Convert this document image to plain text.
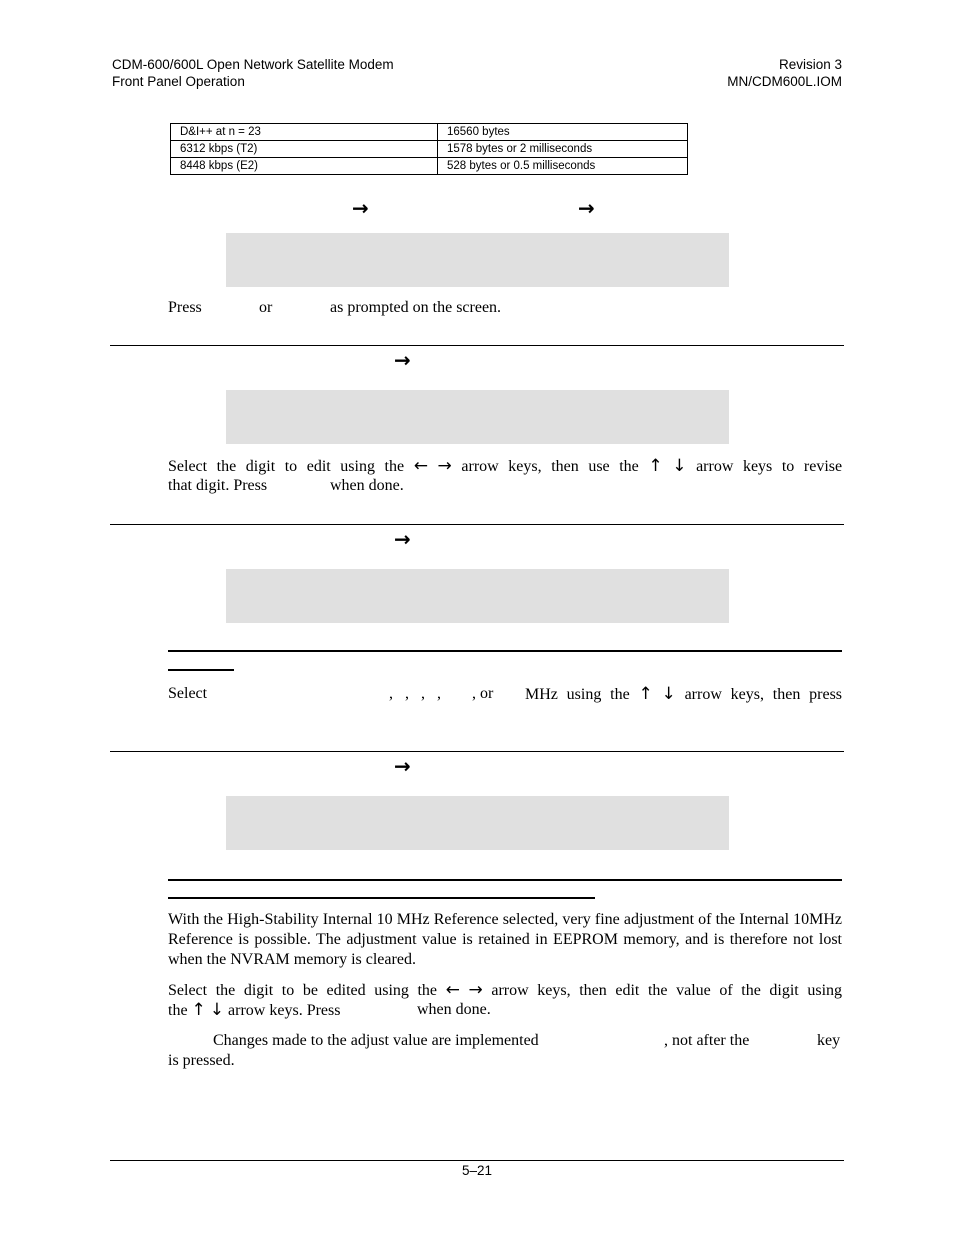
CDM-600/600L Open Network Satellite Modem
Front Panel Operation
Revision 3
MN/CDM600L.IOM
D&I++ at n = 23	16560 bytes
6312 kbps (T2)	1578 bytes or 2 milliseconds
8448 kbps (E2)	528 bytes or 0.5 milliseconds
→	→
Press	or	as prompted on the screen.
→
Select the digit to edit using the ← → arrow keys, then use the ↑ ↓ arrow keys to revise
that digit. Press	when done.
→
Select	, , , , , or MHz using the ↑ ↓ arrow keys, then press
→
With the High-Stability Internal 10 MHz Reference selected, very fine adjustment of the Internal 10MHz Reference is possible. The adjustment value is retained in EEPROM memory, and is therefore not lost when the NVRAM memory is cleared.
Select the digit to be edited using the ← → arrow keys, then edit the value of the digit using
the ↑ ↓ arrow keys. Press	when done.
Changes made to the adjust value are implemented	, not after the	key
is pressed.
5–21
